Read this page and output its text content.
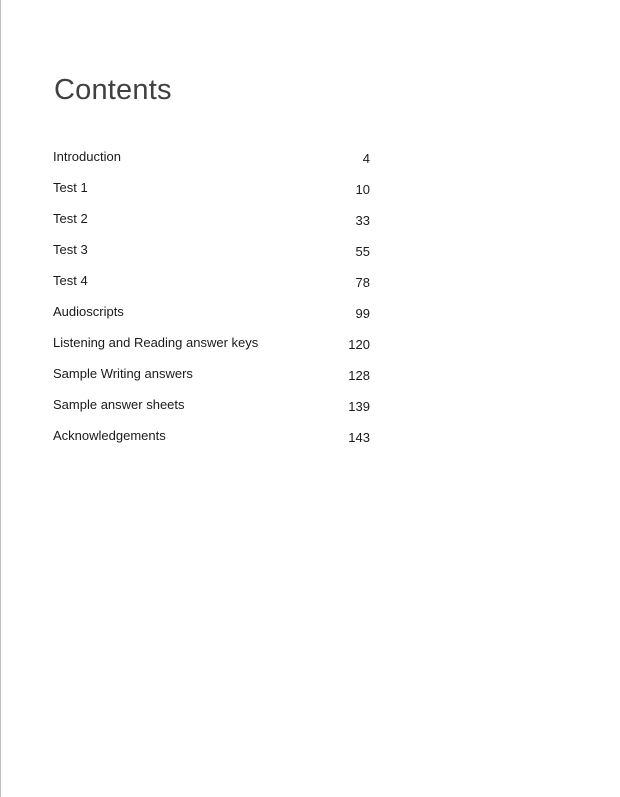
Contents
Introduction	4
Test 1	10
Test 2	33
Test 3	55
Test 4	78
Audioscripts	99
Listening and Reading answer keys	120
Sample Writing answers	128
Sample answer sheets	139
Acknowledgements	143
